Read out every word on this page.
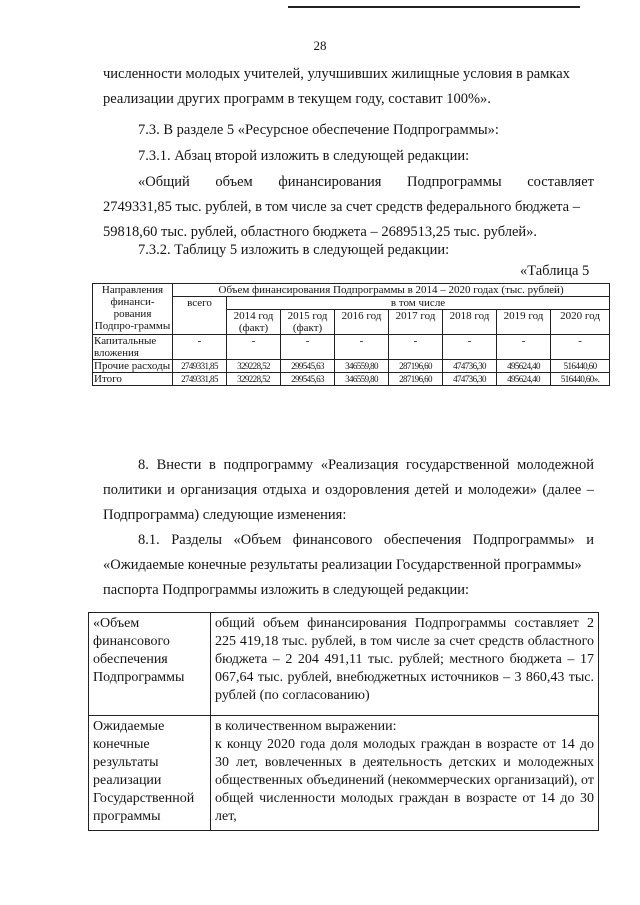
28
численности молодых учителей, улучшивших жилищные условия в рамках
реализации других программ в текущем году, составит 100%».
7.3. В разделе 5 «Ресурсное обеспечение Подпрограммы»:
7.3.1. Абзац второй изложить в следующей редакции:
«Общий объем финансирования Подпрограммы составляет
2749331,85 тыс. рублей, в том числе за счет средств федерального бюджета –
59818,60 тыс. рублей, областного бюджета – 2689513,25 тыс. рублей».
7.3.2. Таблицу 5 изложить в следующей редакции:
«Таблица 5
Направления финанси-рования Подпро-граммы	Объем финансирования Подпрограммы в 2014 – 2020 годах (тыс. рублей)							
	всего	в том числе						
		2014 год (факт)	2015 год (факт)	2016 год	2017 год	2018 год	2019 год	2020 год
Капитальные вложения	-	-	-	-	-	-	-	-
Прочие расходы	2749331,85	329228,52	299545,63	346559,80	287196,60	474736,30	495624,40	516440,60
Итого	2749331,85	329228,52	299545,63	346559,80	287196,60	474736,30	495624,40	516440,60».
8. Внести в подпрограмму «Реализация государственной молодежной
политики и организация отдыха и оздоровления детей и молодежи» (далее –
Подпрограмма) следующие изменения:
8.1. Разделы «Объем финансового обеспечения Подпрограммы» и
«Ожидаемые конечные результаты реализации Государственной программы»
паспорта Подпрограммы изложить в следующей редакции:
«Объем финансового обеспечения Подпрограммы	общий объем финансирования Подпрограммы составляет 2 225 419,18 тыс. рублей, в том числе за счет средств областного бюджета – 2 204 491,11 тыс. рублей; местного бюджета – 17 067,64 тыс. рублей, внебюджетных источников – 3 860,43 тыс. рублей (по согласованию)
Ожидаемые конечные результаты реализации Государственной программы	в количественном выражении:
к концу 2020 года доля молодых граждан в возрасте от 14 до 30 лет, вовлеченных в деятельность детских и молодежных общественных объединений (некоммерческих организаций), от общей численности молодых граждан в возрасте от 14 до 30 лет,
